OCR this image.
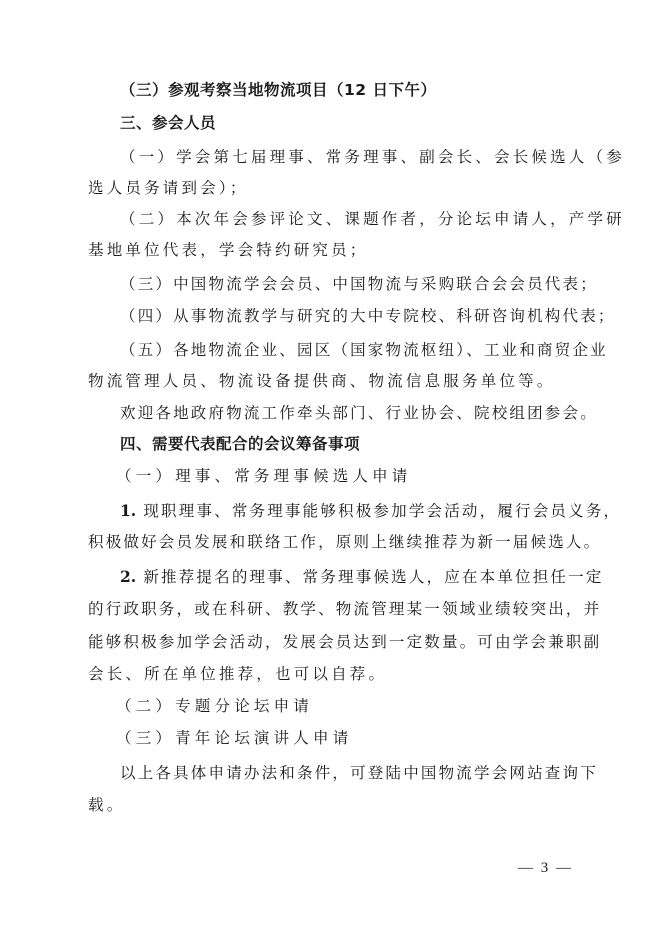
（三）参观考察当地物流项目（12 日下午）
三、参会人员
（一）学会第七届理事、常务理事、副会长、会长候选人（参
选人员务请到会）；
（二）本次年会参评论文、课题作者，分论坛申请人，产学研
基地单位代表，学会特约研究员；
（三）中国物流学会会员、中国物流与采购联合会会员代表；
（四）从事物流教学与研究的大中专院校、科研咨询机构代表；
（五）各地物流企业、园区（国家物流枢纽）、工业和商贸企业
物流管理人员、物流设备提供商、物流信息服务单位等。
欢迎各地政府物流工作牵头部门、行业协会、院校组团参会。
四、需要代表配合的会议筹备事项
（一）理事、常务理事候选人申请
1. 现职理事、常务理事能够积极参加学会活动，履行会员义务，
积极做好会员发展和联络工作，原则上继续推荐为新一届候选人。
2. 新推荐提名的理事、常务理事候选人，应在本单位担任一定
的行政职务，或在科研、教学、物流管理某一领域业绩较突出，并
能够积极参加学会活动，发展会员达到一定数量。可由学会兼职副
会长、所在单位推荐，也可以自荐。
（二）专题分论坛申请
（三）青年论坛演讲人申请
以上各具体申请办法和条件，可登陆中国物流学会网站查询下
载。
— 3 —
